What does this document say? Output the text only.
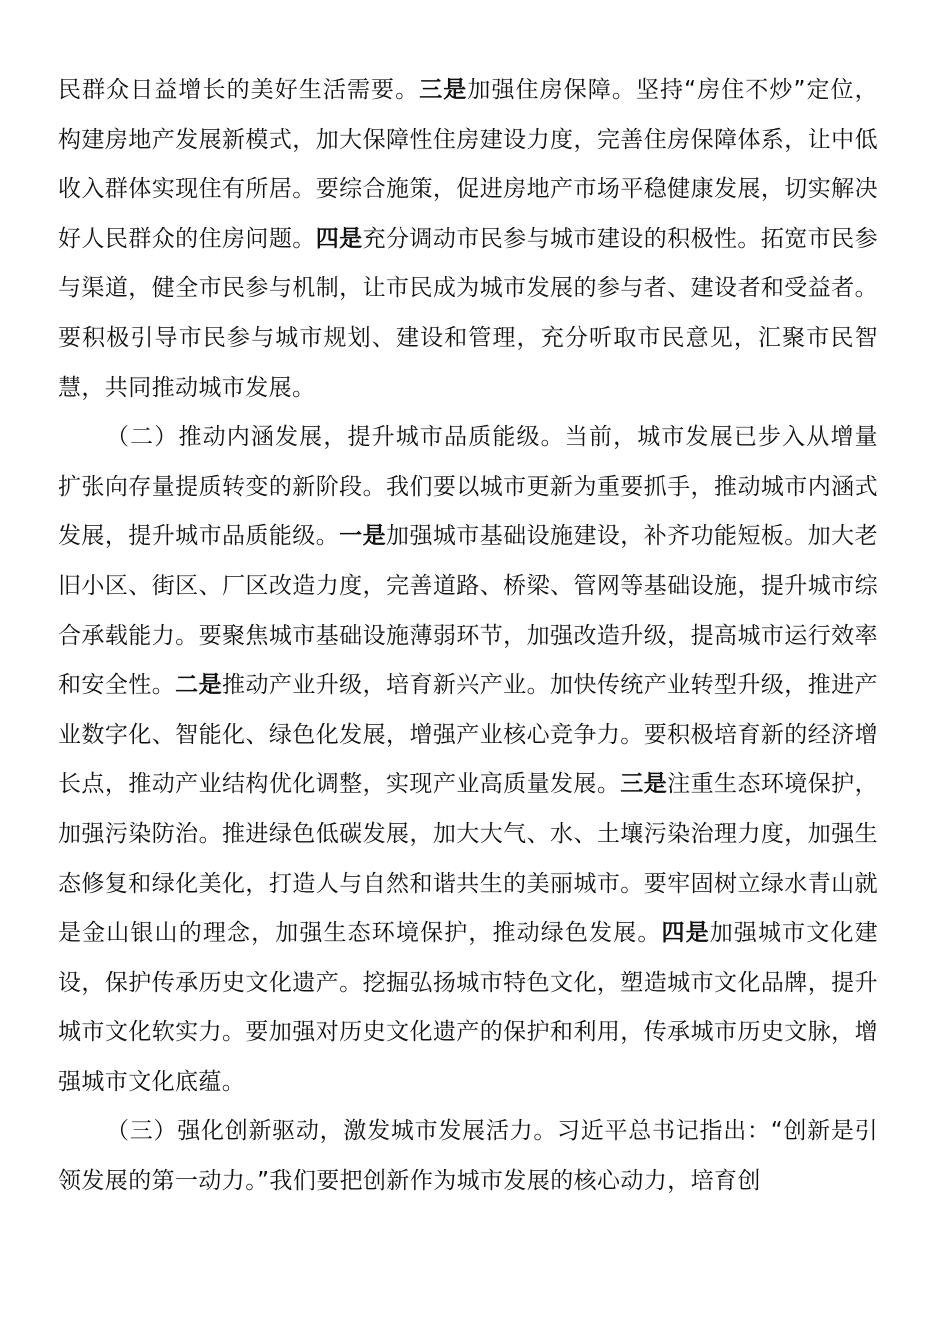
民群众日益增长的美好生活需要。三是加强住房保障。坚持“房住不炒”定位，构建房地产发展新模式，加大保障性住房建设力度，完善住房保障体系，让中低收入群体实现住有所居。要综合施策，促进房地产市场平稳健康发展，切实解决好人民群众的住房问题。四是充分调动市民参与城市建设的积极性。拓宽市民参与渠道，健全市民参与机制，让市民成为城市发展的参与者、建设者和受益者。要积极引导市民参与城市规划、建设和管理，充分听取市民意见，汇聚市民智慧，共同推动城市发展。

（二）推动内涵发展，提升城市品质能级。当前，城市发展已步入从增量扩张向存量提质转变的新阶段。我们要以城市更新为重要抓手，推动城市内涵式发展，提升城市品质能级。一是加强城市基础设施建设，补齐功能短板。加大老旧小区、街区、厂区改造力度，完善道路、桥梁、管网等基础设施，提升城市综合承载能力。要聚焦城市基础设施薄弱环节，加强改造升级，提高城市运行效率和安全性。二是推动产业升级，培育新兴产业。加快传统产业转型升级，推进产业数字化、智能化、绿色化发展，增强产业核心竞争力。要积极培育新的经济增长点，推动产业结构优化调整，实现产业高质量发展。三是注重生态环境保护，加强污染防治。推进绿色低碳发展，加大大气、水、土壤污染治理力度，加强生态修复和绿化美化，打造人与自然和谐共生的美丽城市。要牢固树立绿水青山就是金山银山的理念，加强生态环境保护，推动绿色发展。四是加强城市文化建设，保护传承历史文化遗产。挖掘弘扬城市特色文化，塑造城市文化品牌，提升城市文化软实力。要加强对历史文化遗产的保护和利用，传承城市历史文脉，增强城市文化底蕴。

（三）强化创新驱动，激发城市发展活力。习近平总书记指出：“创新是引领发展的第一动力。”我们要把创新作为城市发展的核心动力，培育创
